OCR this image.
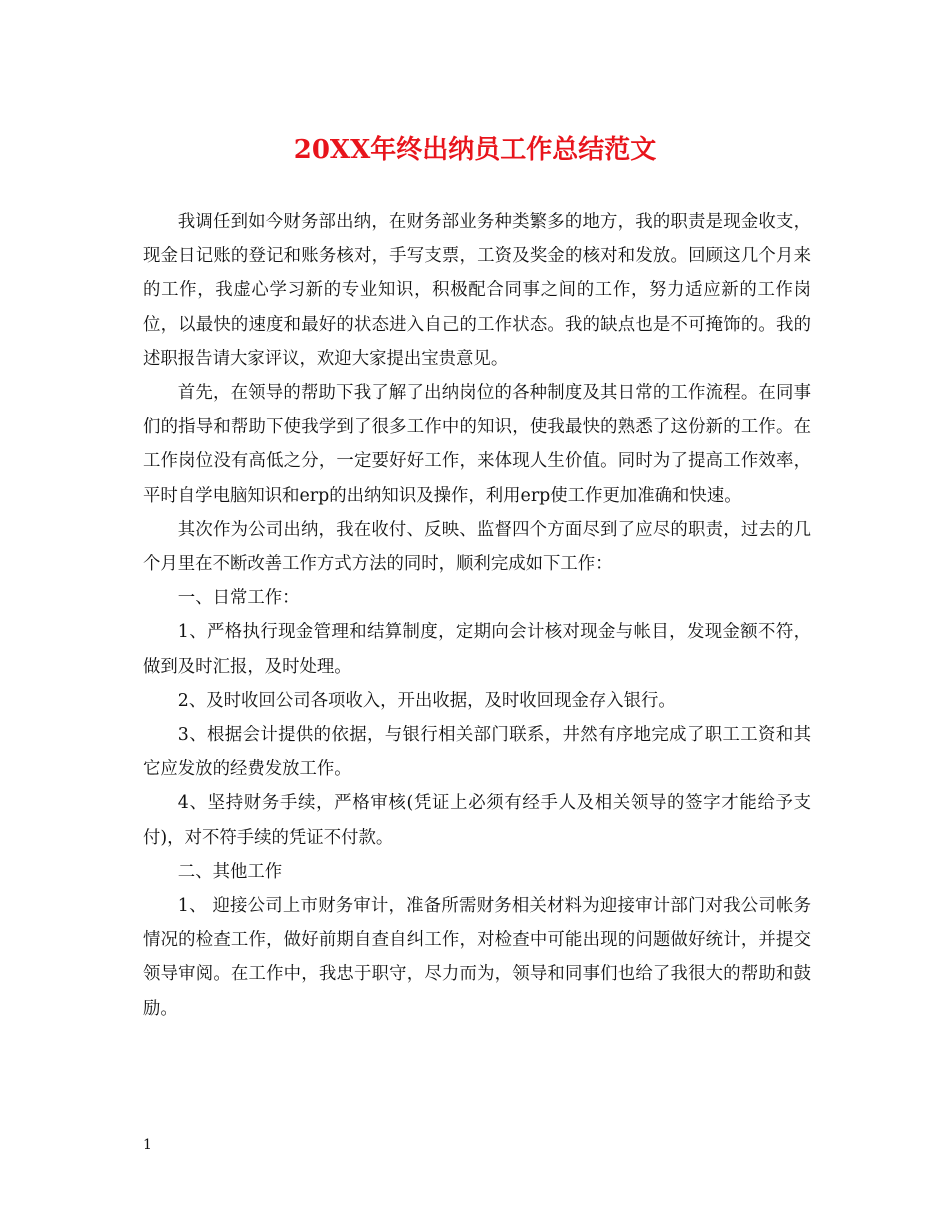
20XX年终出纳员工作总结范文

我调任到如今财务部出纳，在财务部业务种类繁多的地方，我的职责是现金收支，现金日记账的登记和账务核对，手写支票，工资及奖金的核对和发放。回顾这几个月来的工作，我虚心学习新的专业知识，积极配合同事之间的工作，努力适应新的工作岗位，以最快的速度和最好的状态进入自己的工作状态。我的缺点也是不可掩饰的。我的述职报告请大家评议，欢迎大家提出宝贵意见。

首先，在领导的帮助下我了解了出纳岗位的各种制度及其日常的工作流程。在同事们的指导和帮助下使我学到了很多工作中的知识，使我最快的熟悉了这份新的工作。在工作岗位没有高低之分，一定要好好工作，来体现人生价值。同时为了提高工作效率，平时自学电脑知识和erp的出纳知识及操作，利用erp使工作更加准确和快速。

其次作为公司出纳，我在收付、反映、监督四个方面尽到了应尽的职责，过去的几个月里在不断改善工作方式方法的同时，顺利完成如下工作：

一、日常工作：

1、严格执行现金管理和结算制度，定期向会计核对现金与帐目，发现金额不符，做到及时汇报，及时处理。

2、及时收回公司各项收入，开出收据，及时收回现金存入银行。

3、根据会计提供的依据，与银行相关部门联系，井然有序地完成了职工工资和其它应发放的经费发放工作。

4、坚持财务手续，严格审核(凭证上必须有经手人及相关领导的签字才能给予支付)，对不符手续的凭证不付款。

二、其他工作

1、 迎接公司上市财务审计，准备所需财务相关材料为迎接审计部门对我公司帐务情况的检查工作，做好前期自查自纠工作，对检查中可能出现的问题做好统计，并提交领导审阅。在工作中，我忠于职守，尽力而为，领导和同事们也给了我很大的帮助和鼓励。

1
